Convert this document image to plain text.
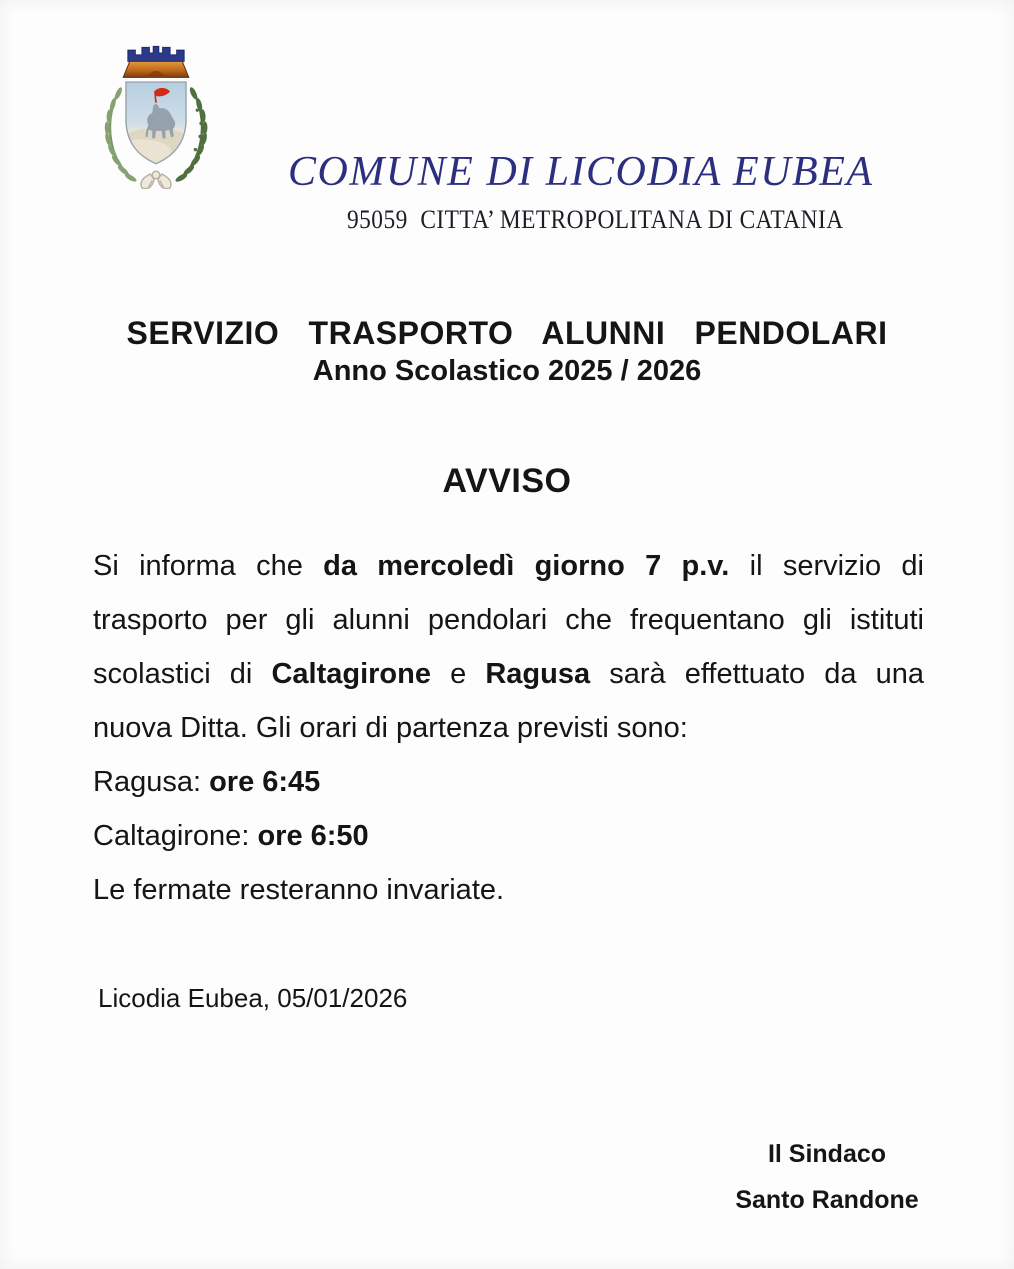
COMUNE DI LICODIA EUBEA
95059  CITTA’ METROPOLITANA DI CATANIA
SERVIZIO TRASPORTO ALUNNI PENDOLARI
Anno Scolastico 2025 / 2026
AVVISO
Si informa che da mercoledì giorno 7 p.v. il servizio di
trasporto per gli alunni pendolari che frequentano gli istituti
scolastici di Caltagirone e Ragusa sarà effettuato da una
nuova Ditta. Gli orari di partenza previsti sono:
Ragusa: ore 6:45
Caltagirone: ore 6:50
Le fermate resteranno invariate.
Licodia Eubea, 05/01/2026
Il Sindaco
Santo Randone
